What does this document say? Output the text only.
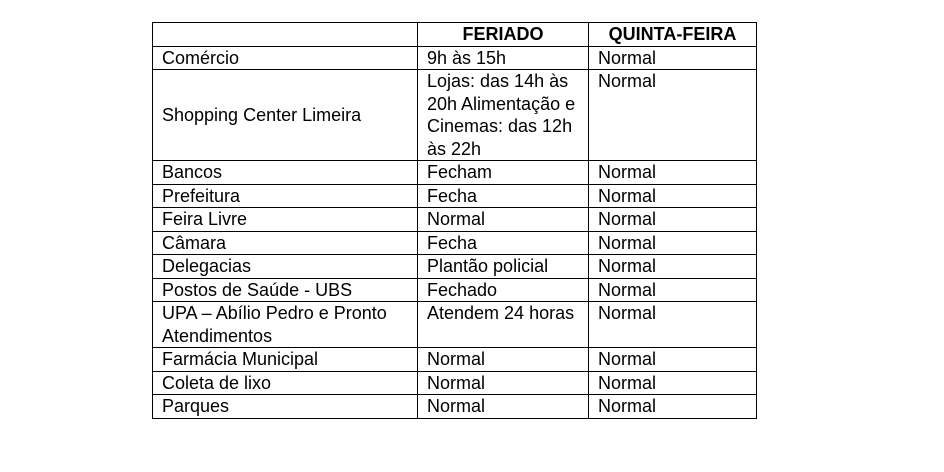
	FERIADO	QUINTA-FEIRA
Comércio	9h às 15h	Normal
Shopping Center Limeira	Lojas: das 14h às 20h Alimentação e Cinemas: das 12h às 22h	Normal
Bancos	Fecham	Normal
Prefeitura	Fecha	Normal
Feira Livre	Normal	Normal
Câmara	Fecha	Normal
Delegacias	Plantão policial	Normal
Postos de Saúde - UBS	Fechado	Normal
UPA – Abílio Pedro e Pronto Atendimentos	Atendem 24 horas	Normal
Farmácia Municipal	Normal	Normal
Coleta de lixo	Normal	Normal
Parques	Normal	Normal
